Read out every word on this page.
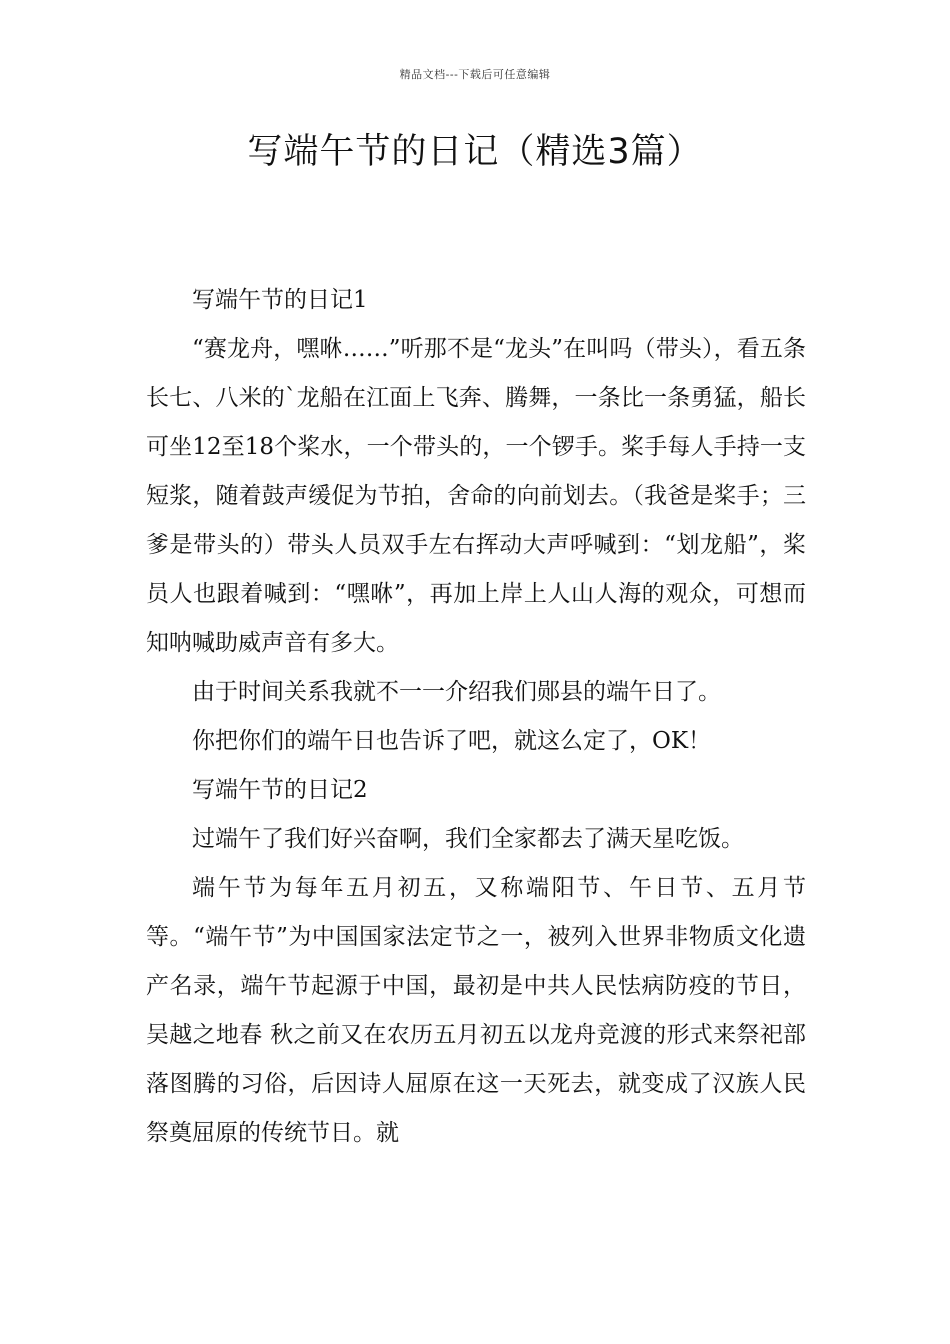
精品文档---下载后可任意编辑
写端午节的日记（精选3篇）

写端午节的日记1

“赛龙舟，嘿咻……”听那不是“龙头”在叫吗（带头），看五条长七、八米的`龙船在江面上飞奔、腾舞，一条比一条勇猛，船长可坐12至18个桨水，一个带头的，一个锣手。桨手每人手持一支短浆，随着鼓声缓促为节拍，舍命的向前划去。（我爸是桨手；三爹是带头的）带头人员双手左右挥动大声呼喊到：“划龙船”，桨员人也跟着喊到：“嘿咻”，再加上岸上人山人海的观众，可想而知呐喊助威声音有多大。

由于时间关系我就不一一介绍我们郧县的端午日了。

你把你们的端午日也告诉了吧，就这么定了，OK！

写端午节的日记2

过端午了我们好兴奋啊，我们全家都去了满天星吃饭。

端午节为每年五月初五，又称端阳节、午日节、五月节等。“端午节”为中国国家法定节之一，被列入世界非物质文化遗产名录，端午节起源于中国，最初是中共人民怯病防疫的节日，吴越之地春 秋之前又在农历五月初五以龙舟竞渡的形式来祭祀部落图腾的习俗，后因诗人屈原在这一天死去，就变成了汉族人民祭奠屈原的传统节日。就
